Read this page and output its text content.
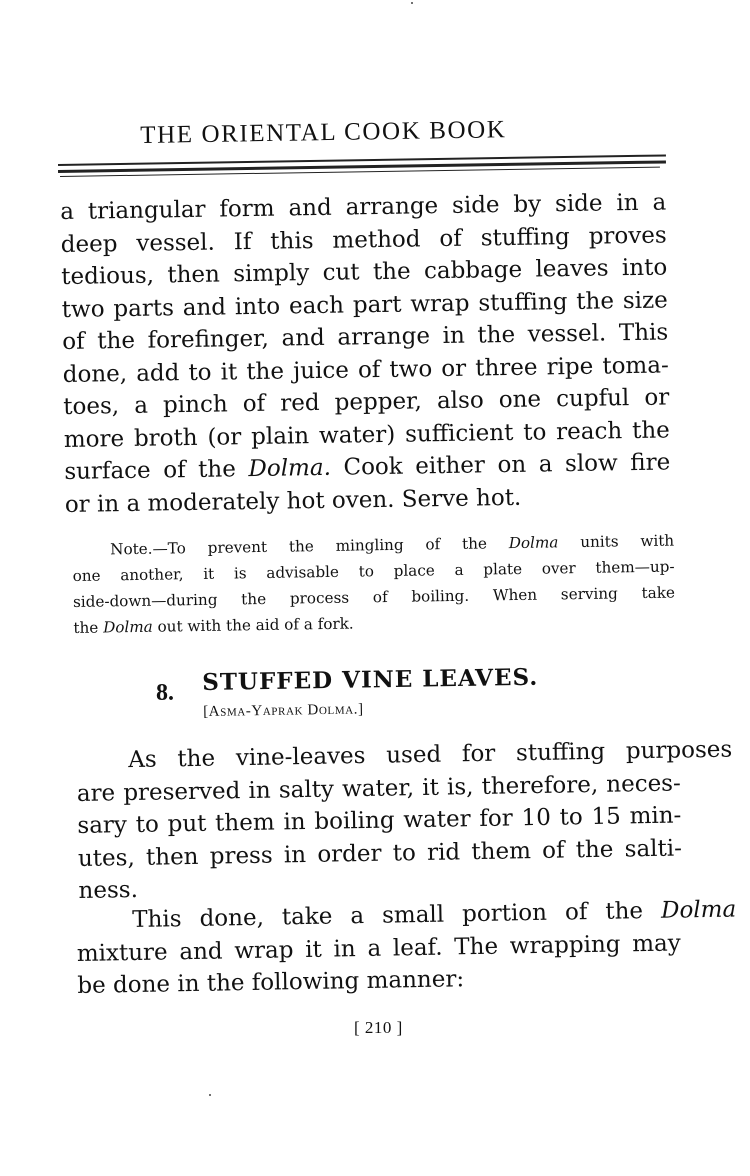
THE ORIENTAL COOK BOOK
a triangular form and arrange side by side in a
deep vessel. If this method of stuffing proves
tedious, then simply cut the cabbage leaves into
two parts and into each part wrap stuffing the size
of the forefinger, and arrange in the vessel. This
done, add to it the juice of two or three ripe toma-
toes, a pinch of red pepper, also one cupful or
more broth (or plain water) sufficient to reach the
surface of the Dolma. Cook either on a slow fire
or in a moderately hot oven. Serve hot.
Note.—To prevent the mingling of the Dolma units with
one another, it is advisable to place a plate over them—up-
side-down—during the process of boiling. When serving take
the Dolma out with the aid of a fork.
8. STUFFED VINE LEAVES.
[Asma-Yaprak Dolma.]
As the vine-leaves used for stuffing purposes
are preserved in salty water, it is, therefore, neces-
sary to put them in boiling water for 10 to 15 min-
utes, then press in order to rid them of the salti-
ness.
This done, take a small portion of the Dolma
mixture and wrap it in a leaf. The wrapping may
be done in the following manner:
[ 210 ]
